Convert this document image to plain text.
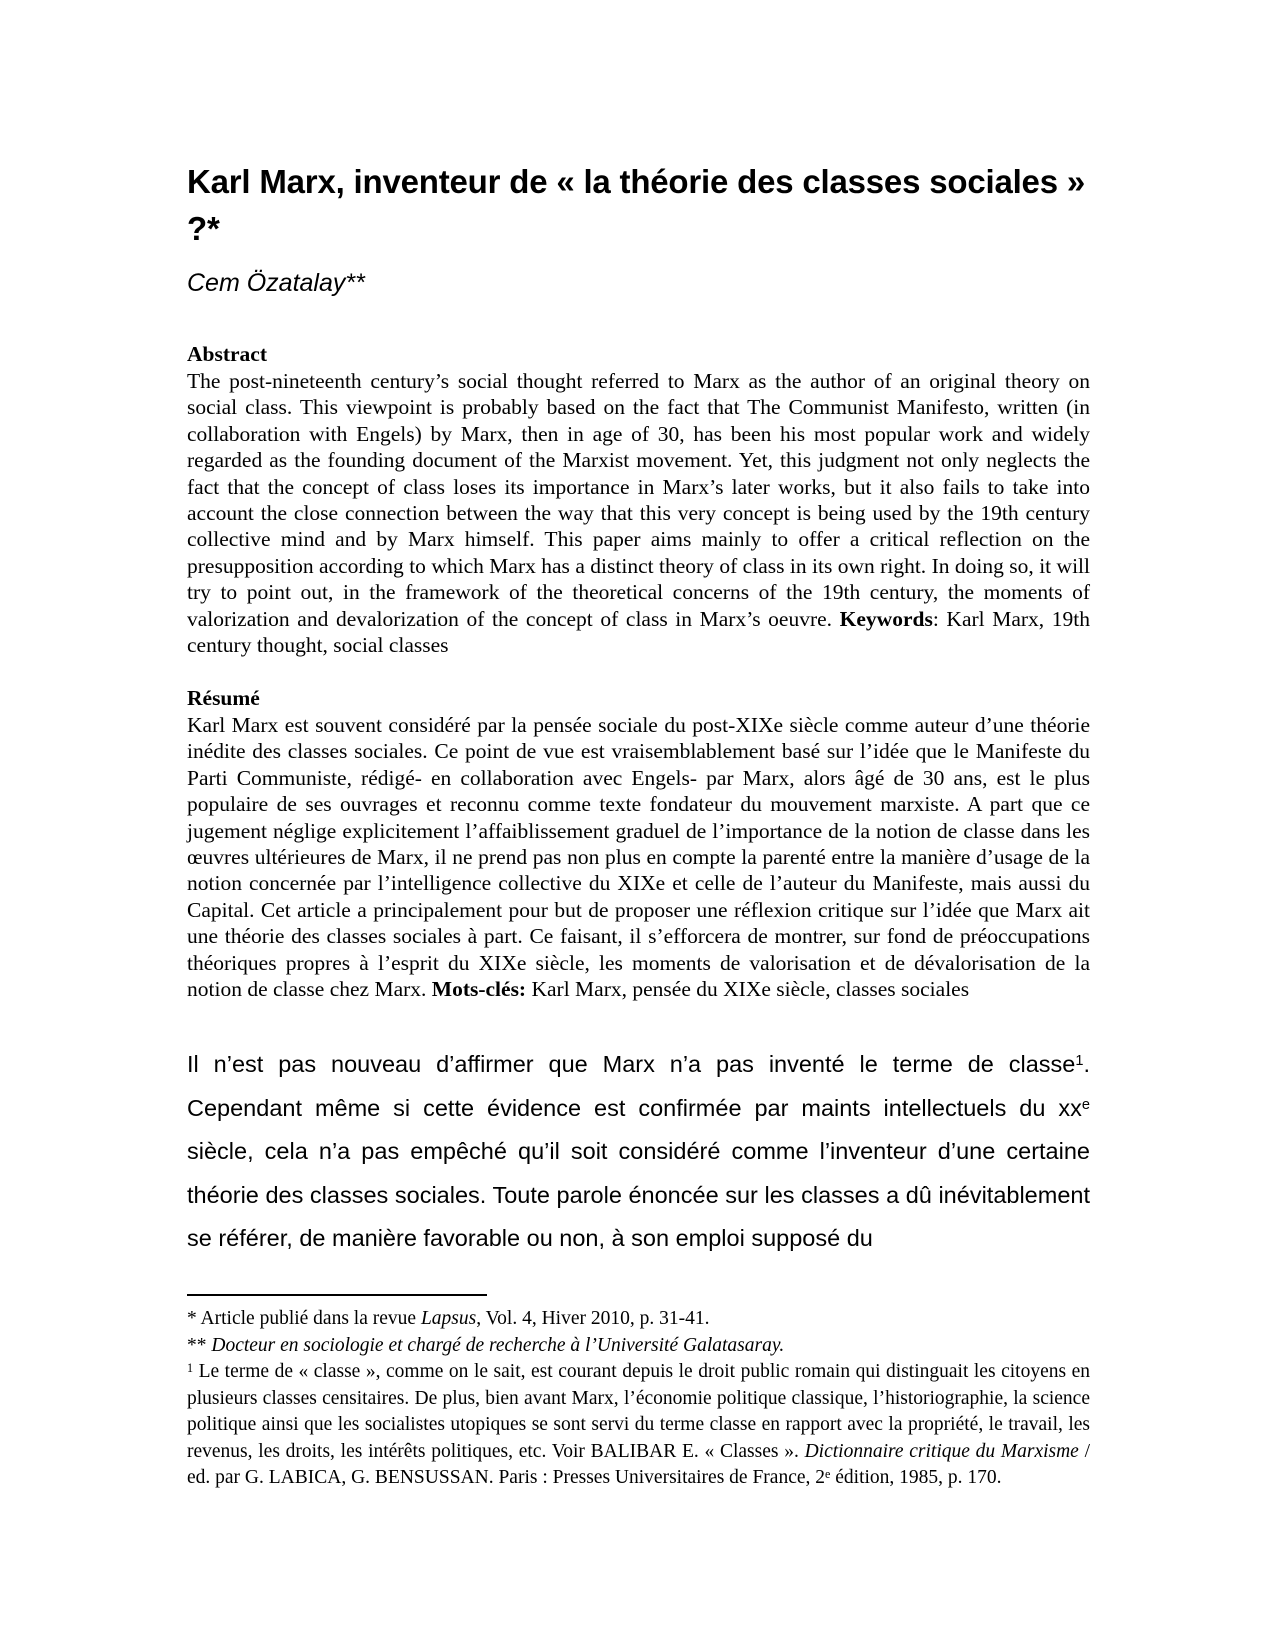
Karl Marx, inventeur de « la théorie des classes sociales » ?*
Cem Özatalay**
Abstract
The post-nineteenth century’s social thought referred to Marx as the author of an original theory on social class. This viewpoint is probably based on the fact that The Communist Manifesto, written (in collaboration with Engels) by Marx, then in age of 30, has been his most popular work and widely regarded as the founding document of the Marxist movement. Yet, this judgment not only neglects the fact that the concept of class loses its importance in Marx’s later works, but it also fails to take into account the close connection between the way that this very concept is being used by the 19th century collective mind and by Marx himself. This paper aims mainly to offer a critical reflection on the presupposition according to which Marx has a distinct theory of class in its own right. In doing so, it will try to point out, in the framework of the theoretical concerns of the 19th century, the moments of valorization and devalorization of the concept of class in Marx’s oeuvre. Keywords: Karl Marx, 19th century thought, social classes
Résumé
Karl Marx est souvent considéré par la pensée sociale du post-XIXe siècle comme auteur d’une théorie inédite des classes sociales. Ce point de vue est vraisemblablement basé sur l’idée que le Manifeste du Parti Communiste, rédigé- en collaboration avec Engels- par Marx, alors âgé de 30 ans, est le plus populaire de ses ouvrages et reconnu comme texte fondateur du mouvement marxiste. A part que ce jugement néglige explicitement l’affaiblissement graduel de l’importance de la notion de classe dans les œuvres ultérieures de Marx, il ne prend pas non plus en compte la parenté entre la manière d’usage de la notion concernée par l’intelligence collective du XIXe et celle de l’auteur du Manifeste, mais aussi du Capital. Cet article a principalement pour but de proposer une réflexion critique sur l’idée que Marx ait une théorie des classes sociales à part. Ce faisant, il s’efforcera de montrer, sur fond de préoccupations théoriques propres à l’esprit du XIXe siècle, les moments de valorisation et de dévalorisation de la notion de classe chez Marx. Mots-clés: Karl Marx, pensée du XIXe siècle, classes sociales
Il n’est pas nouveau d’affirmer que Marx n’a pas inventé le terme de classe$^1$. Cependant même si cette évidence est confirmée par maints intellectuels du $xx^e$ siècle, cela n’a pas empêché qu’il soit considéré comme l’inventeur d’une certaine théorie des classes sociales. Toute parole énoncée sur les classes a dû inévitablement se référer, de manière favorable ou non, à son emploi supposé du
* Article publié dans la revue Lapsus, Vol. 4, Hiver 2010, p. 31-41.
** Docteur en sociologie et chargé de recherche à l’Université Galatasaray.
$^1$ Le terme de « classe », comme on le sait, est courant depuis le droit public romain qui distinguait les citoyens en plusieurs classes censitaires. De plus, bien avant Marx, l’économie politique classique, l’historiographie, la science politique ainsi que les socialistes utopiques se sont servi du terme classe en rapport avec la propriété, le travail, les revenus, les droits, les intérêts politiques, etc. Voir BALIBAR E. « Classes ». Dictionnaire critique du Marxisme / ed. par G. LABICA, G. BENSUSSAN. Paris : Presses Universitaires de France, 2e édition, 1985, p. 170.
